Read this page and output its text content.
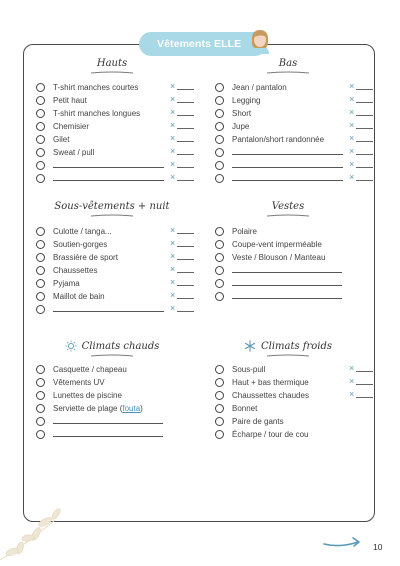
Vêtements ELLE
Hauts	Bas
Sous-vêtements + nuit	Vestes
Climats chauds	Climats froids
T-shirt manches courtes	×
Petit haut	×
T-shirt manches longues	×
Chemisier	×
Gilet	×
Sweat / pull	×
×
×
Jean / pantalon	×
Legging	×
Short	×
Jupe	×
Pantalon/short randonnée	×
×
×
×
Culotte / tanga...	×
Soutien-gorges	×
Brassière de sport	×
Chaussettes	×
Pyjama	×
Maillot de bain	×
×
Polaire
Coupe-vent imperméable
Veste / Blouson / Manteau
Casquette / chapeau
Vêtements UV
Lunettes de piscine
Serviette de plage (fouta)
Sous-pull	×
Haut + bas thermique	×
Chaussettes chaudes	×
Bonnet
Paire de gants
Écharpe / tour de cou
10
